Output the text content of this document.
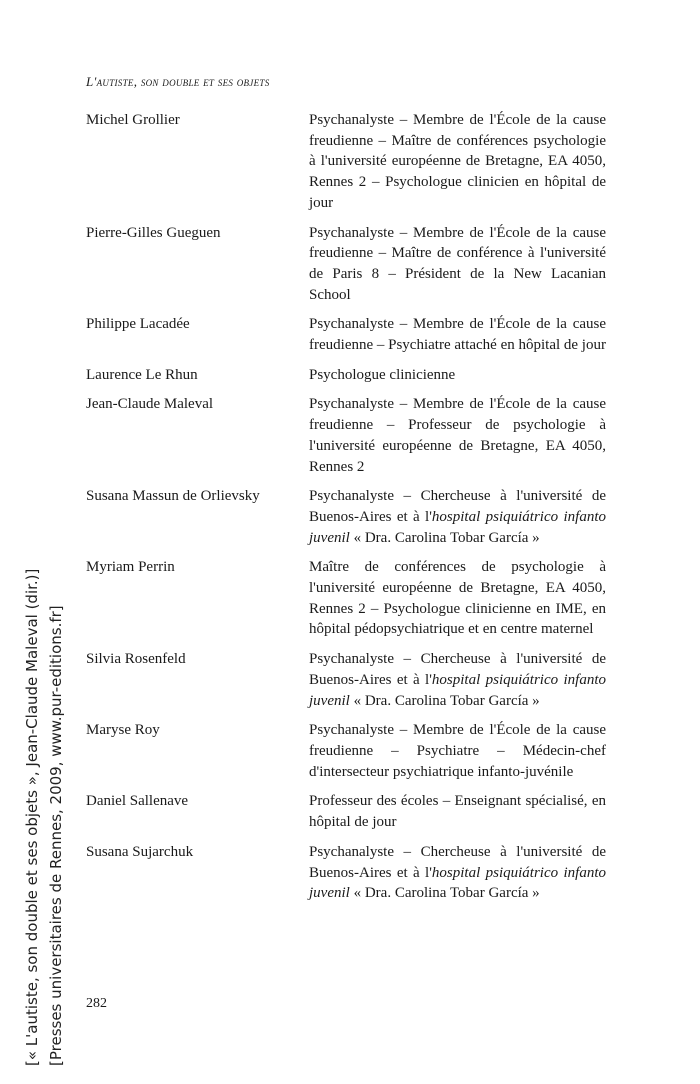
L'autiste, son double et ses objets
Michel Grollier	Psychanalyste – Membre de l'École de la cause freudienne – Maître de conférences psychologie à l'université européenne de Bretagne, EA 4050, Rennes 2 – Psychologue clinicien en hôpital de jour
Pierre-Gilles Gueguen	Psychanalyste – Membre de l'École de la cause freudienne – Maître de conférence à l'université de Paris 8 – Président de la New Lacanian School
Philippe Lacadée	Psychanalyste – Membre de l'École de la cause freudienne – Psychiatre attaché en hôpital de jour
Laurence Le Rhun	Psychologue clinicienne
Jean-Claude Maleval	Psychanalyste – Membre de l'École de la cause freudienne – Professeur de psychologie à l'université européenne de Bretagne, EA 4050, Rennes 2
Susana Massun de Orlievsky	Psychanalyste – Chercheuse à l'université de Buenos-Aires et à l'hospital psiquiátrico infanto juvenil « Dra. Carolina Tobar García »
Myriam Perrin	Maître de conférences de psychologie à l'université européenne de Bretagne, EA 4050, Rennes 2 – Psychologue clinicienne en IME, en hôpital pédopsychiatrique et en centre maternel
Silvia Rosenfeld	Psychanalyste – Chercheuse à l'université de Buenos-Aires et à l'hospital psiquiátrico infanto juvenil « Dra. Carolina Tobar García »
Maryse Roy	Psychanalyste – Membre de l'École de la cause freudienne – Psychiatre – Médecin-chef d'intersecteur psychiatrique infanto-juvénile
Daniel Sallenave	Professeur des écoles – Enseignant spécialisé, en hôpital de jour
Susana Sujarchuk	Psychanalyste – Chercheuse à l'université de Buenos-Aires et à l'hospital psiquiátrico infanto juvenil « Dra. Carolina Tobar García »
282
[« L'autiste, son double et ses objets », Jean-Claude Maleval (dir.)] [Presses universitaires de Rennes, 2009, www.pur-editions.fr]
